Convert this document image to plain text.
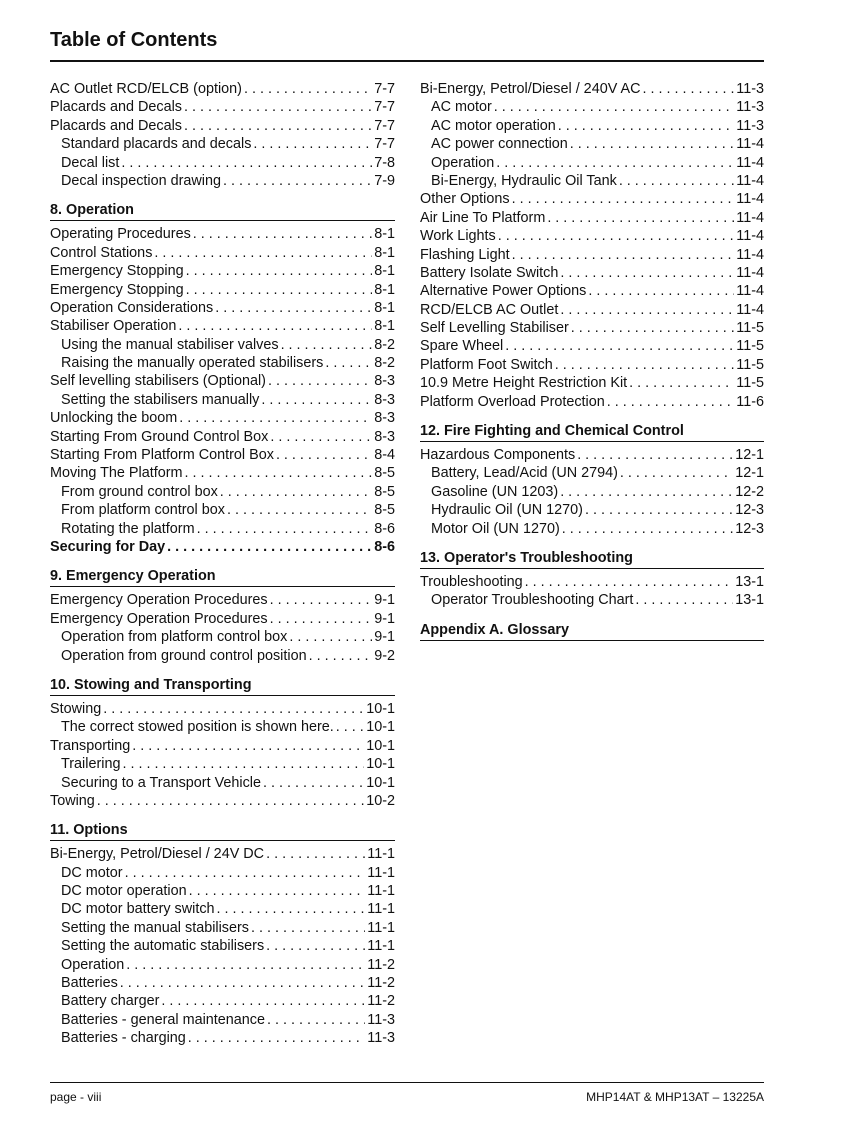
Table of Contents
AC Outlet RCD/ELCB (option) . . .	7-7
Placards and Decals . . .	7-7
Placards and Decals . . .	7-7
Standard placards and decals . . .	7-7
Decal list . . .	7-8
Decal inspection drawing . . .	7-9
8. Operation
Operating Procedures . . .	8-1
Control Stations . . .	8-1
Emergency Stopping . . .	8-1
Emergency Stopping . . .	8-1
Operation Considerations . . .	8-1
Stabiliser Operation . . .	8-1
Using the manual stabiliser valves . . .	8-2
Raising the manually operated stabilisers . . .	8-2
Self levelling stabilisers (Optional) . . .	8-3
Setting the stabilisers manually . . .	8-3
Unlocking the boom . . .	8-3
Starting From Ground Control Box . . .	8-3
Starting From Platform Control Box . . .	8-4
Moving The Platform . . .	8-5
From ground control box . . .	8-5
From platform control box . . .	8-5
Rotating the platform . . .	8-6
Securing for Day . . .	8-6
9. Emergency Operation
Emergency Operation Procedures . . .	9-1
Emergency Operation Procedures . . .	9-1
Operation from platform control box . . .	9-1
Operation from ground control position . . .	9-2
10. Stowing and Transporting
Stowing . . .	10-1
The correct stowed position is shown here. . . . 10-1
Transporting . . .	10-1
Trailering . . .	10-1
Securing to a Transport Vehicle . . .	10-1
Towing . . .	10-2
11. Options
Bi-Energy, Petrol/Diesel / 24V DC . . .	11-1
DC motor . . .	11-1
DC motor operation . . .	11-1
DC motor battery switch . . .	11-1
Setting the manual stabilisers . . .	11-1
Setting the automatic stabilisers . . .	11-1
Operation . . .	11-2
Batteries . . .	11-2
Battery charger . . .	11-2
Batteries - general maintenance . . .	11-3
Batteries - charging . . .	11-3
Bi-Energy, Petrol/Diesel / 240V AC . . .	11-3
AC motor . . .	11-3
AC motor operation . . .	11-3
AC power connection . . .	11-4
Operation . . .	11-4
Bi-Energy, Hydraulic Oil Tank . . .	11-4
Other Options . . .	11-4
Air Line To Platform . . .	11-4
Work Lights . . .	11-4
Flashing Light . . .	11-4
Battery Isolate Switch . . .	11-4
Alternative Power Options . . .	11-4
RCD/ELCB AC Outlet . . .	11-4
Self Levelling Stabiliser . . .	11-5
Spare Wheel . . .	11-5
Platform Foot Switch . . .	11-5
10.9 Metre Height Restriction Kit . . .	11-5
Platform Overload Protection . . .	11-6
12. Fire Fighting and Chemical Control
Hazardous Components . . .	12-1
Battery, Lead/Acid (UN 2794) . . .	12-1
Gasoline (UN 1203) . . .	12-2
Hydraulic Oil (UN 1270) . . .	12-3
Motor Oil (UN 1270) . . .	12-3
13. Operator's Troubleshooting
Troubleshooting . . .	13-1
Operator Troubleshooting Chart . . .	13-1
Appendix A. Glossary
page - viii	MHP14AT & MHP13AT – 13225A
